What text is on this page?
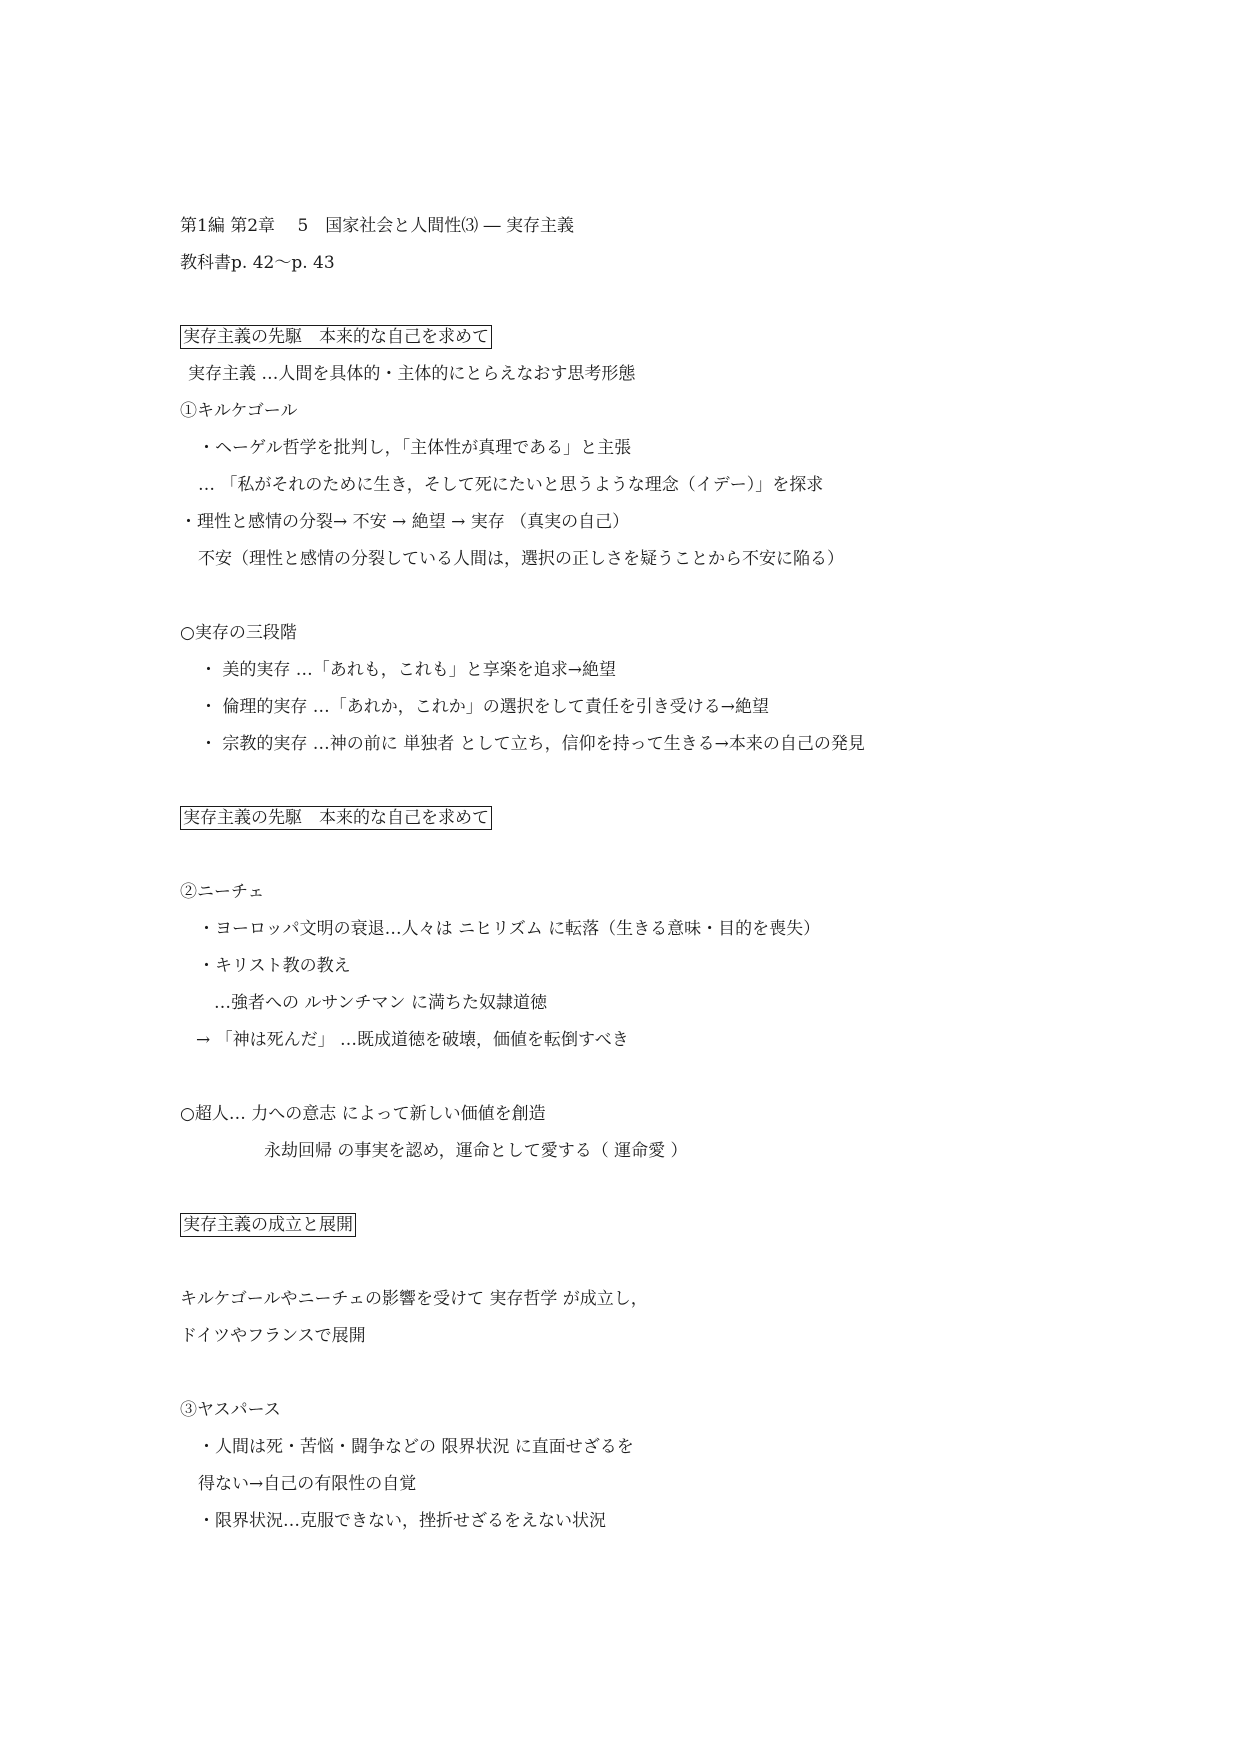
第1編 第2章　 5　国家社会と人間性⑶ ― 実存主義
教科書p. 42〜p. 43
実存主義の先駆　本来的な自己を求めて
実存主義 …人間を具体的・主体的にとらえなおす思考形態
①キルケゴール
・ヘーゲル哲学を批判し，「主体性が真理である」と主張
… 「私がそれのために生き，そして死にたいと思うような理念（イデー）」を探求
・理性と感情の分裂→ 不安 → 絶望 → 実存 （真実の自己）
不安（理性と感情の分裂している人間は，選択の正しさを疑うことから不安に陥る）
○実存の三段階
・ 美的実存 …「あれも，これも」と享楽を追求→絶望
・ 倫理的実存 …「あれか，これか」の選択をして責任を引き受ける→絶望
・ 宗教的実存 …神の前に 単独者 として立ち，信仰を持って生きる→本来の自己の発見
実存主義の先駆　本来的な自己を求めて
②ニーチェ
・ヨーロッパ文明の衰退…人々は ニヒリズム に転落（生きる意味・目的を喪失）
・キリスト教の教え
…強者への ルサンチマン に満ちた奴隷道徳
→ 「神は死んだ」 …既成道徳を破壊，価値を転倒すべき
○超人… 力への意志 によって新しい価値を創造
永劫回帰 の事実を認め，運命として愛する（ 運命愛 ）
実存主義の成立と展開
キルケゴールやニーチェの影響を受けて 実存哲学 が成立し，
ドイツやフランスで展開
③ヤスパース
・人間は死・苦悩・闘争などの 限界状況 に直面せざるを
得ない→自己の有限性の自覚
・限界状況…克服できない，挫折せざるをえない状況
